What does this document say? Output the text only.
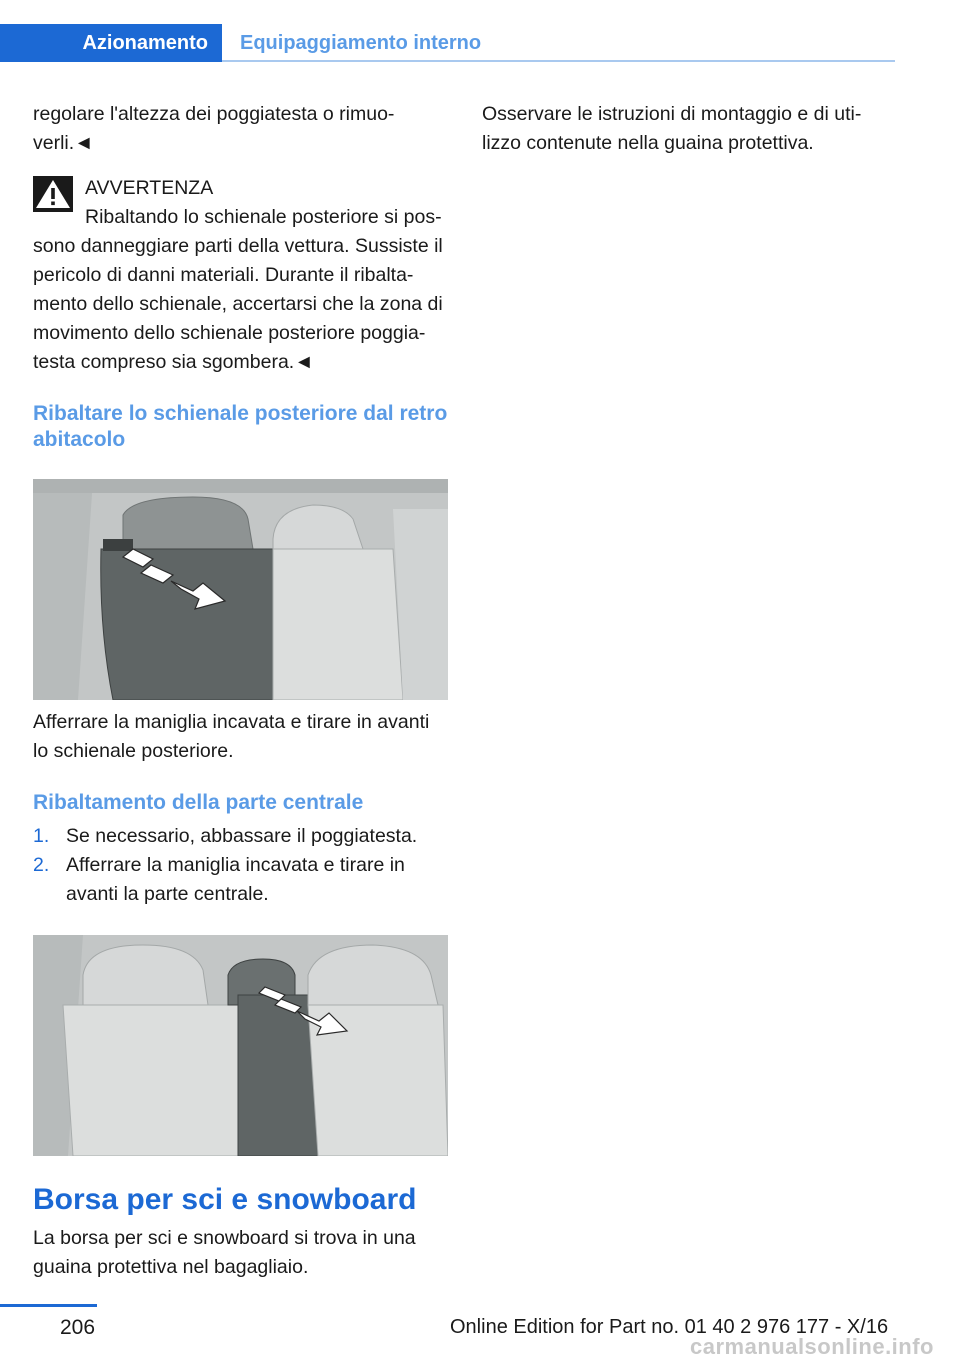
Azionamento	Equipaggiamento interno

regolare l'altezza dei poggiatesta o rimuo-verli.◄

AVVERTENZA

Ribaltando lo schienale posteriore si pos-
sono danneggiare parti della vettura. Sussiste il pericolo di danni materiali. Durante il ribalta-mento dello schienale, accertarsi che la zona di movimento dello schienale posteriore poggia-testa compreso sia sgombera.◄

Ribaltare lo schienale posteriore dal retro abitacolo

Afferrare la maniglia incavata e tirare in avanti lo schienale posteriore.

Ribaltamento della parte centrale
1. Se necessario, abbassare il poggiatesta.
2. Afferrare la maniglia incavata e tirare in avanti la parte centrale.
Borsa per sci e snowboard

La borsa per sci e snowboard si trova in una guaina protettiva nel bagagliaio.

Osservare le istruzioni di montaggio e di uti-lizzo contenute nella guaina protettiva.

206	Online Edition for Part no. 01 40 2 976 177 - X/16
carmanualsonline.info
